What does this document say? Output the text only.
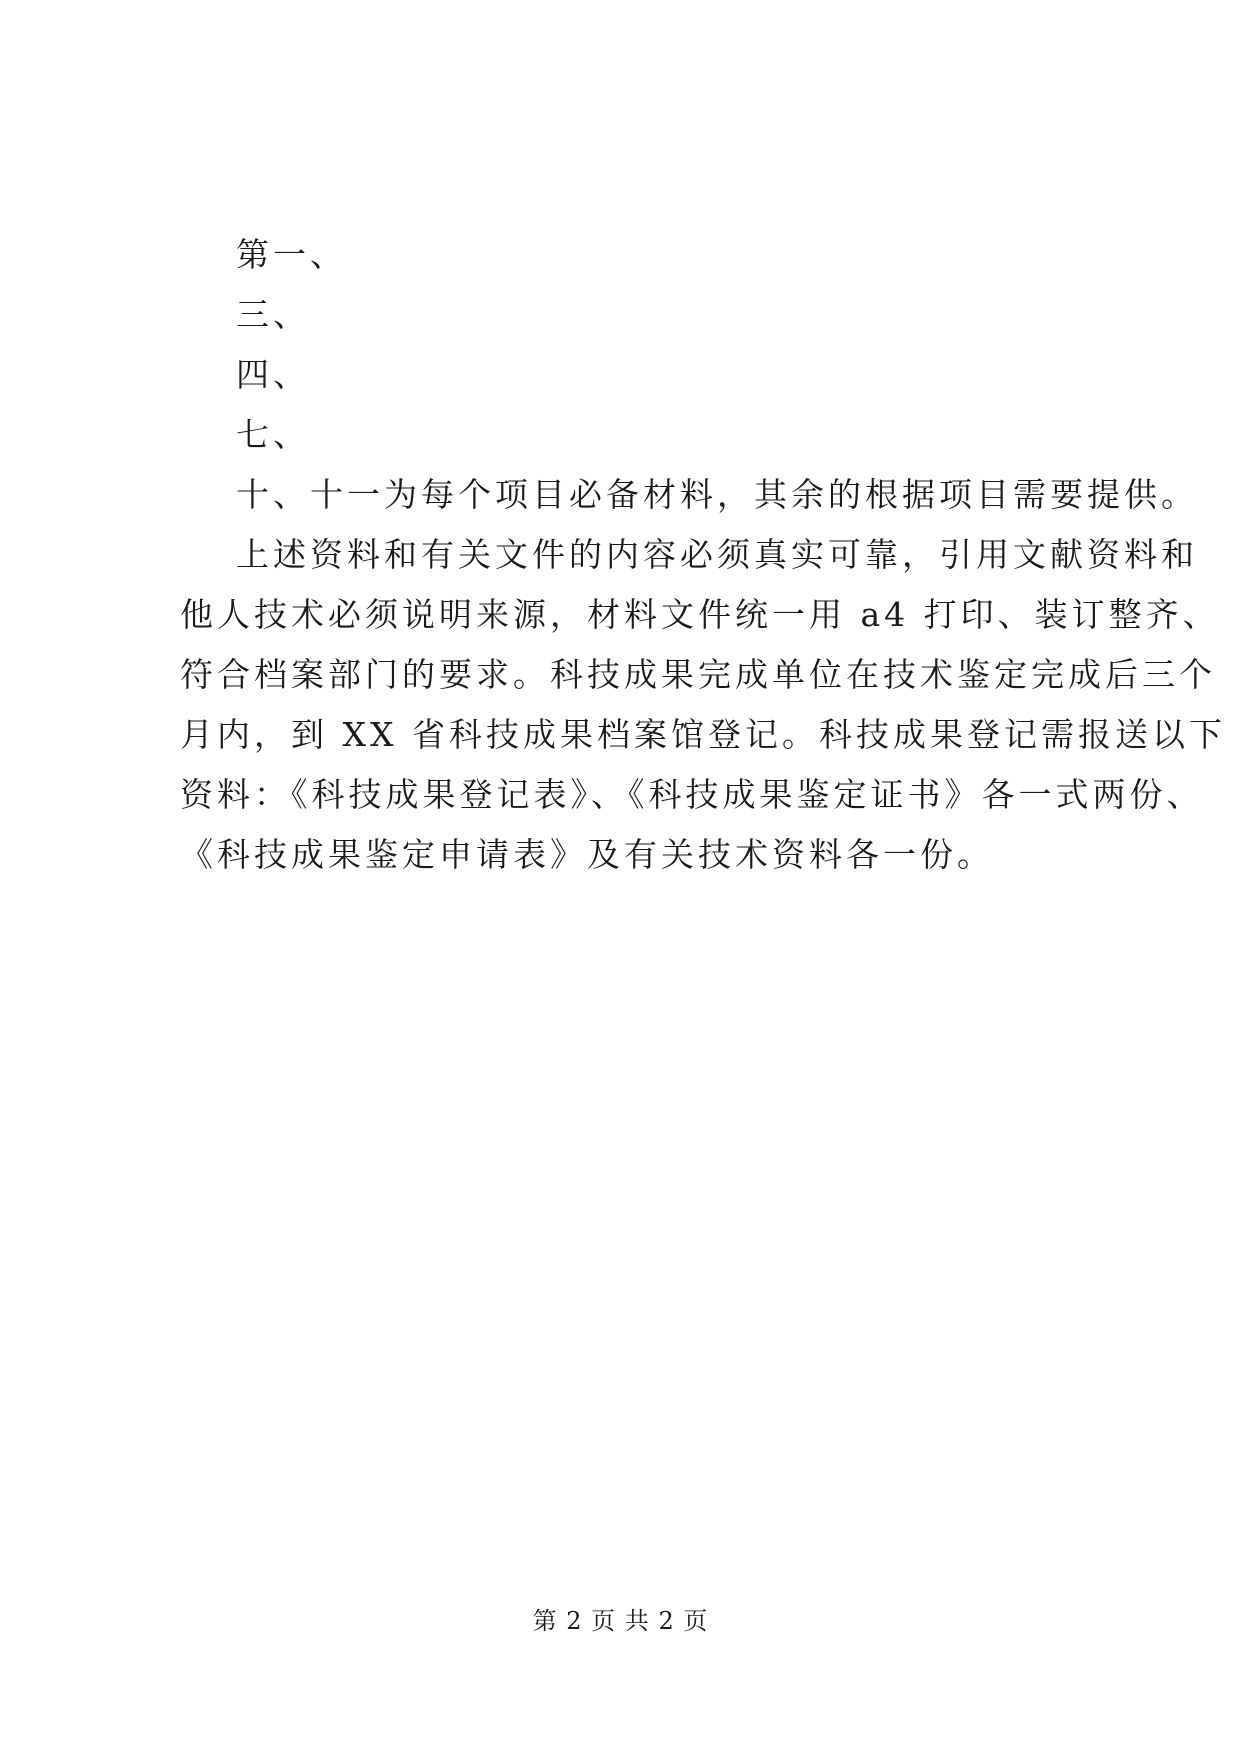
第一、
三、
四、
七、
十、十一为每个项目必备材料，其余的根据项目需要提供。
上述资料和有关文件的内容必须真实可靠，引用文献资料和
他人技术必须说明来源，材料文件统一用 a4 打印、装订整齐、
符合档案部门的要求。科技成果完成单位在技术鉴定完成后三个
月内，到 XX 省科技成果档案馆登记。科技成果登记需报送以下
资料：《科技成果登记表》、《科技成果鉴定证书》各一式两份、
《科技成果鉴定申请表》及有关技术资料各一份。
第 2 页 共 2 页
